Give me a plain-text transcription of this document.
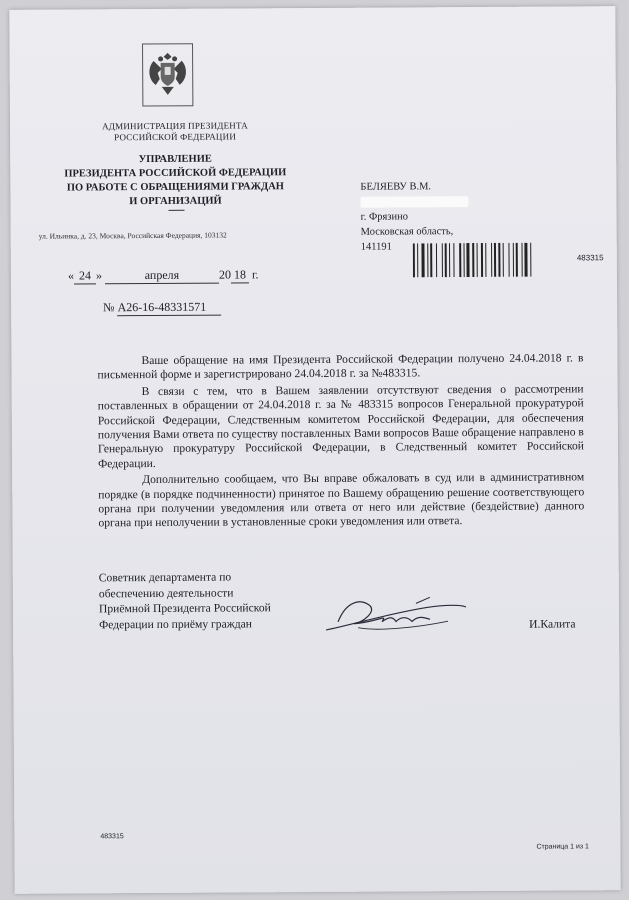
АДМИНИСТРАЦИЯ ПРЕЗИДЕНТА
РОССИЙСКОЙ ФЕДЕРАЦИИ
УПРАВЛЕНИЕ
ПРЕЗИДЕНТА РОССИЙСКОЙ ФЕДЕРАЦИИ
ПО РАБОТЕ С ОБРАЩЕНИЯМИ ГРАЖДАН
И ОРГАНИЗАЦИЙ
ул. Ильинка, д. 23, Москва, Российская Федерация, 103132
БЕЛЯЕВУ В.М.
г. Фрязино
Московская область,
141191
483315
« 24 »	апреля	20 18 г.
№ А26-16-48331571

Ваше обращение на имя Президента Российской Федерации получено 24.04.2018 г. в письменной форме и зарегистрировано 24.04.2018 г. за №483315.

В связи с тем, что в Вашем заявлении отсутствуют сведения о рассмотрении поставленных в обращении от 24.04.2018 г. за № 483315 вопросов Генеральной прокуратурой Российской Федерации, Следственным комитетом Российской Федерации, для обеспечения получения Вами ответа по существу поставленных Вами вопросов Ваше обращение направлено в Генеральную прокуратуру Российской Федерации, в Следственный комитет Российской Федерации.

Дополнительно сообщаем, что Вы вправе обжаловать в суд или в административном порядке (в порядке подчиненности) принятое по Вашему обращению решение соответствующего органа при получении уведомления или ответа от него или действие (бездействие) данного органа при неполучении в установленные сроки уведомления или ответа.

Советник департамента по
обеспечению деятельности
Приёмной Президента Российской
Федерации по приёму граждан	И.Калита
483315
Страница 1 из 1
